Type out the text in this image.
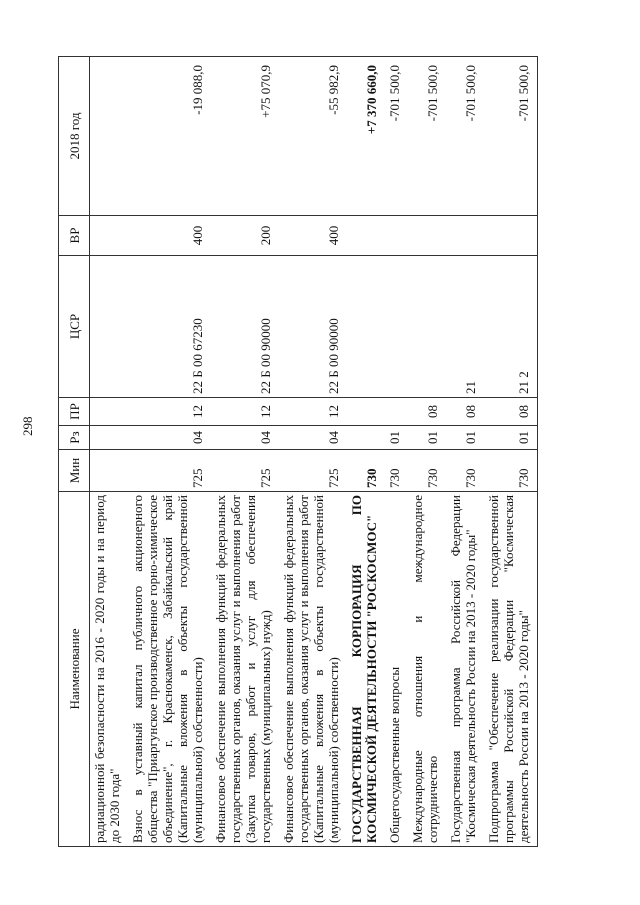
298
Наименование	Мин	Рз	ПР	ЦСР	ВР	2018 год
радиационной безопасности на 2016 - 2020 годы и на период до 2030 года"						
Взнос в уставный капитал публичного акционерного общества "Приаргунское производственное горно-химическое объединение", г. Краснокаменск, Забайкальский край (Капитальные вложения в объекты государственной (муниципальной) собственности)	725	04	12	22 Б 00 67230	400	-19 088,0
Финансовое обеспечение выполнения функций федеральных государственных органов, оказания услуг и выполнения работ (Закупка товаров, работ и услуг для обеспечения государственных (муниципальных) нужд)	725	04	12	22 Б 00 90000	200	+75 070,9
Финансовое обеспечение выполнения функций федеральных государственных органов, оказания услуг и выполнения работ (Капитальные вложения в объекты государственной (муниципальной) собственности)	725	04	12	22 Б 00 90000	400	-55 982,9
ГОСУДАРСТВЕННАЯ КОРПОРАЦИЯ ПО КОСМИЧЕСКОЙ ДЕЯТЕЛЬНОСТИ "РОСКОСМОС"	730					+7 370 660,0
Общегосударственные вопросы	730	01				-701 500,0
Международные отношения и международное сотрудничество	730	01	08			-701 500,0
Государственная программа Российской Федерации "Космическая деятельность России на 2013 - 2020 годы"	730	01	08	21		-701 500,0
Подпрограмма "Обеспечение реализации государственной программы Российской Федерации "Космическая деятельность России на 2013 - 2020 годы"	730	01	08	21 2		-701 500,0
